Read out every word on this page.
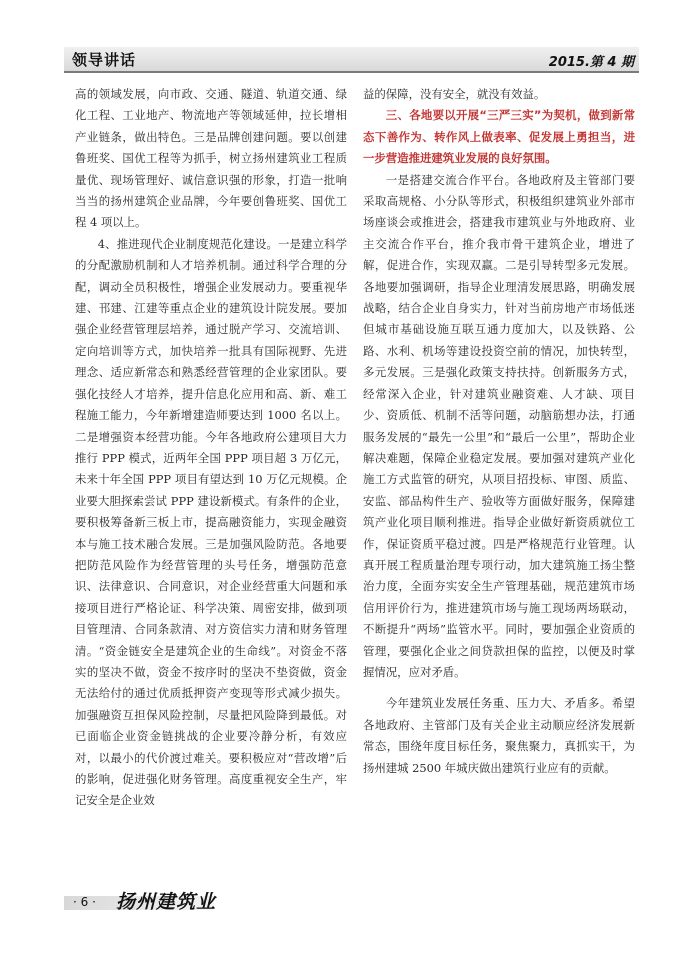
领导讲话	2015.第 4 期

高的领域发展，向市政、交通、隧道、轨道交通、绿化工程、工业地产、物流地产等领域延伸，拉长增相产业链条，做出特色。三是品牌创建问题。要以创建鲁班奖、国优工程等为抓手，树立扬州建筑业工程质量优、现场管理好、诚信意识强的形象，打造一批响当当的扬州建筑企业品牌，今年要创鲁班奖、国优工程 4 项以上。

4、推进现代企业制度规范化建设。一是建立科学的分配激励机制和人才培养机制。通过科学合理的分配，调动全员积极性，增强企业发展动力。要重视华建、邗建、江建等重点企业的建筑设计院发展。要加强企业经营管理层培养，通过脱产学习、交流培训、定向培训等方式，加快培养一批具有国际视野、先进理念、适应新常态和熟悉经营管理的企业家团队。要强化技经人才培养，提升信息化应用和高、新、难工程施工能力，今年新增建造师要达到 1000 名以上。二是增强资本经营功能。今年各地政府公建项目大力推行 PPP 模式，近两年全国 PPP 项目超 3 万亿元，未来十年全国 PPP 项目有望达到 10 万亿元规模。企业要大胆探索尝试 PPP 建设新模式。有条件的企业，要积极筹备新三板上市，提高融资能力，实现金融资本与施工技术融合发展。三是加强风险防范。各地要把防范风险作为经营管理的头号任务，增强防范意识、法律意识、合同意识，对企业经营重大问题和承接项目进行严格论证、科学决策、周密安排，做到项目管理清、合同条款清、对方资信实力清和财务管理清。“资金链安全是建筑企业的生命线”。对资金不落实的坚决不做，资金不按序时的坚决不垫资做，资金无法给付的通过优质抵押资产变现等形式减少损失。加强融资互担保风险控制，尽量把风险降到最低。对已面临企业资金链挑战的企业要冷静分析，有效应对，以最小的代价渡过难关。要积极应对“营改增”后的影响，促进强化财务管理。高度重视安全生产，牢记安全是企业效

益的保障，没有安全，就没有效益。

三、各地要以开展“三严三实”为契机，做到新常态下善作为、转作风上做表率、促发展上勇担当，进一步营造推进建筑业发展的良好氛围。

一是搭建交流合作平台。各地政府及主管部门要采取高规格、小分队等形式，积极组织建筑业外部市场座谈会或推进会，搭建我市建筑业与外地政府、业主交流合作平台，推介我市骨干建筑企业，增进了解，促进合作，实现双赢。二是引导转型多元发展。各地要加强调研，指导企业理清发展思路，明确发展战略，结合企业自身实力，针对当前房地产市场低迷但城市基础设施互联互通力度加大，以及铁路、公路、水利、机场等建设投资空前的情况，加快转型，多元发展。三是强化政策支持扶持。创新服务方式，经常深入企业，针对建筑业融资难、人才缺、项目少、资质低、机制不活等问题，动脑筋想办法，打通服务发展的“最先一公里”和“最后一公里”，帮助企业解决难题，保障企业稳定发展。要加强对建筑产业化施工方式监管的研究，从项目招投标、审图、质监、安监、部品构件生产、验收等方面做好服务，保障建筑产业化项目顺利推进。指导企业做好新资质就位工作，保证资质平稳过渡。四是严格规范行业管理。认真开展工程质量治理专项行动，加大建筑施工扬尘整治力度，全面夯实安全生产管理基础，规范建筑市场信用评价行为，推进建筑市场与施工现场两场联动，不断提升“两场”监管水平。同时，要加强企业资质的管理，要强化企业之间贷款担保的监控，以便及时掌握情况，应对矛盾。

今年建筑业发展任务重、压力大、矛盾多。希望各地政府、主管部门及有关企业主动顺应经济发展新常态，围绕年度目标任务，聚焦聚力，真抓实干，为扬州建城 2500 年城庆做出建筑行业应有的贡献。

· 6 · 扬州建筑业
